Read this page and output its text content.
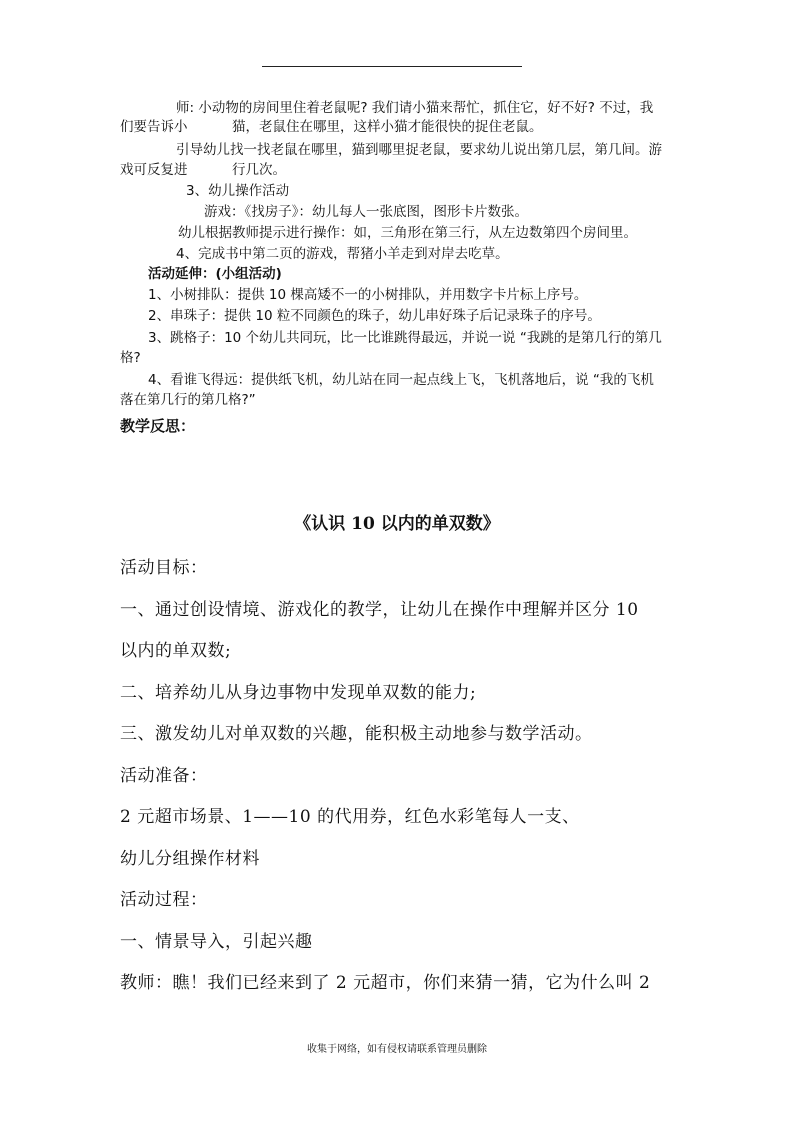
师: 小动物的房间里住着老鼠呢? 我们请小猫来帮忙，抓住它，好不好? 不过，我
们要告诉小	猫，老鼠住在哪里，这样小猫才能很快的捉住老鼠。
引导幼儿找一找老鼠在哪里，猫到哪里捉老鼠，要求幼儿说出第几层，第几间。游
戏可反复进	行几次。
3、幼儿操作活动
游戏：《找房子》：幼儿每人一张底图，图形卡片数张。
幼儿根据教师提示进行操作：如，三角形在第三行，从左边数第四个房间里。
4、完成书中第二页的游戏，帮猪小羊走到对岸去吃草。
活动延伸：(小组活动)
1、小树排队：提供 10 棵高矮不一的小树排队，并用数字卡片标上序号。
2、串珠子：提供 10 粒不同颜色的珠子，幼儿串好珠子后记录珠子的序号。
3、跳格子：10 个幼儿共同玩，比一比谁跳得最远，并说一说 “我跳的是第几行的第几
格?
4、看谁飞得远：提供纸飞机，幼儿站在同一起点线上飞，飞机落地后，说 “我的飞机
落在第几行的第几格?”
教学反思：
《认识 10 以内的单双数》
活动目标：
一、通过创设情境、游戏化的教学，让幼儿在操作中理解并区分 10
以内的单双数;
二、培养幼儿从身边事物中发现单双数的能力;
三、激发幼儿对单双数的兴趣，能积极主动地参与数学活动。
活动准备：
2 元超市场景、1——10 的代用券，红色水彩笔每人一支、
幼儿分组操作材料
活动过程：
一、情景导入，引起兴趣
教师：瞧！我们已经来到了 2 元超市，你们来猜一猜，它为什么叫 2
收集于网络，如有侵权请联系管理员删除
